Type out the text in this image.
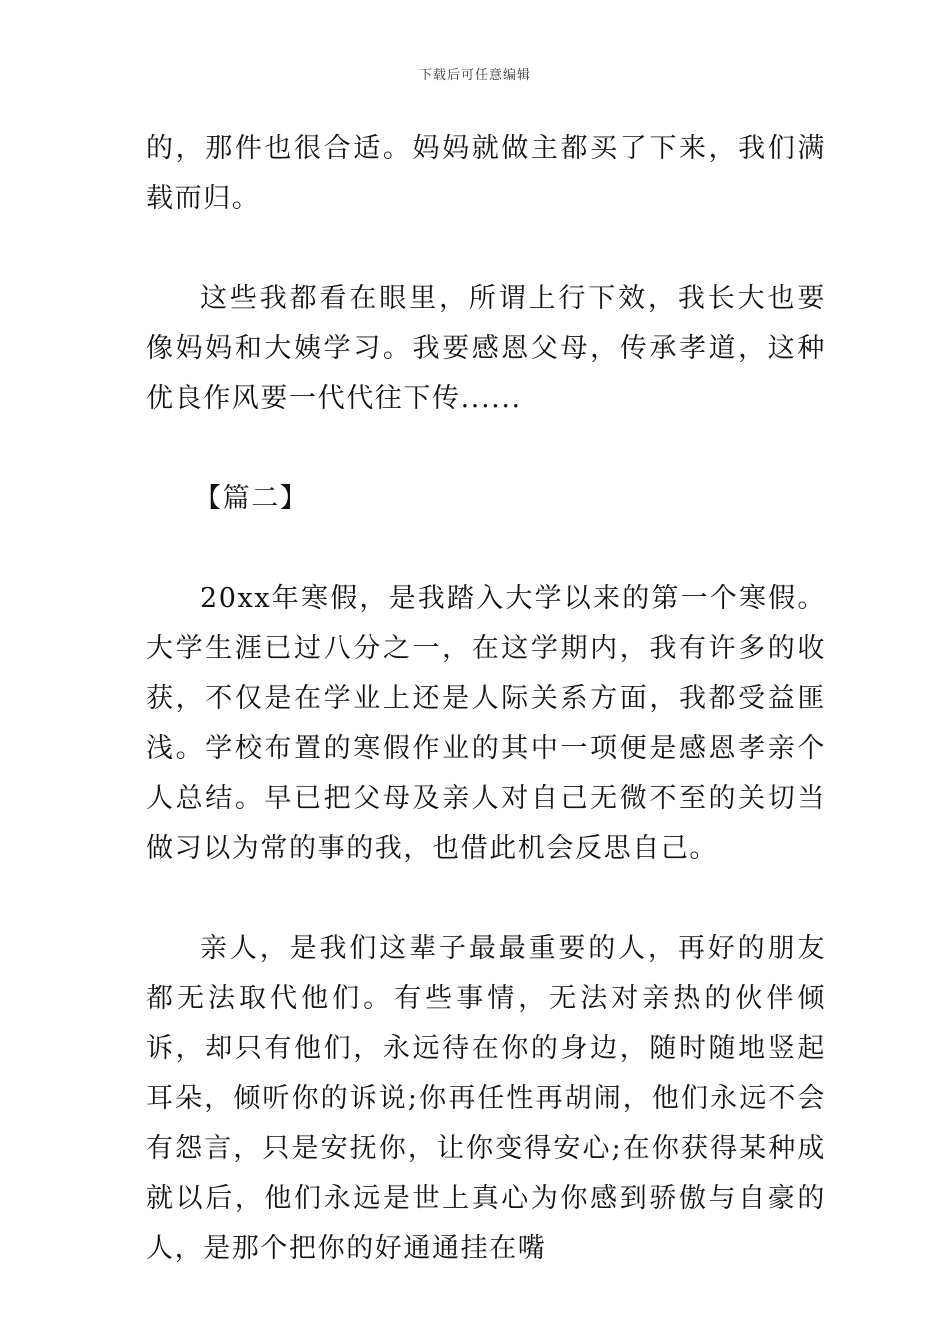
下载后可任意编辑

的，那件也很合适。妈妈就做主都买了下来，我们满载而归。

这些我都看在眼里，所谓上行下效，我长大也要像妈妈和大姨学习。我要感恩父母，传承孝道，这种优良作风要一代代往下传......

【篇二】

20xx年寒假，是我踏入大学以来的第一个寒假。大学生涯已过八分之一，在这学期内，我有许多的收获，不仅是在学业上还是人际关系方面，我都受益匪浅。学校布置的寒假作业的其中一项便是感恩孝亲个人总结。早已把父母及亲人对自己无微不至的关切当做习以为常的事的我，也借此机会反思自己。

亲人，是我们这辈子最最重要的人，再好的朋友都无法取代他们。有些事情，无法对亲热的伙伴倾诉，却只有他们，永远待在你的身边，随时随地竖起耳朵，倾听你的诉说;你再任性再胡闹，他们永远不会有怨言，只是安抚你，让你变得安心;在你获得某种成就以后，他们永远是世上真心为你感到骄傲与自豪的人，是那个把你的好通通挂在嘴
